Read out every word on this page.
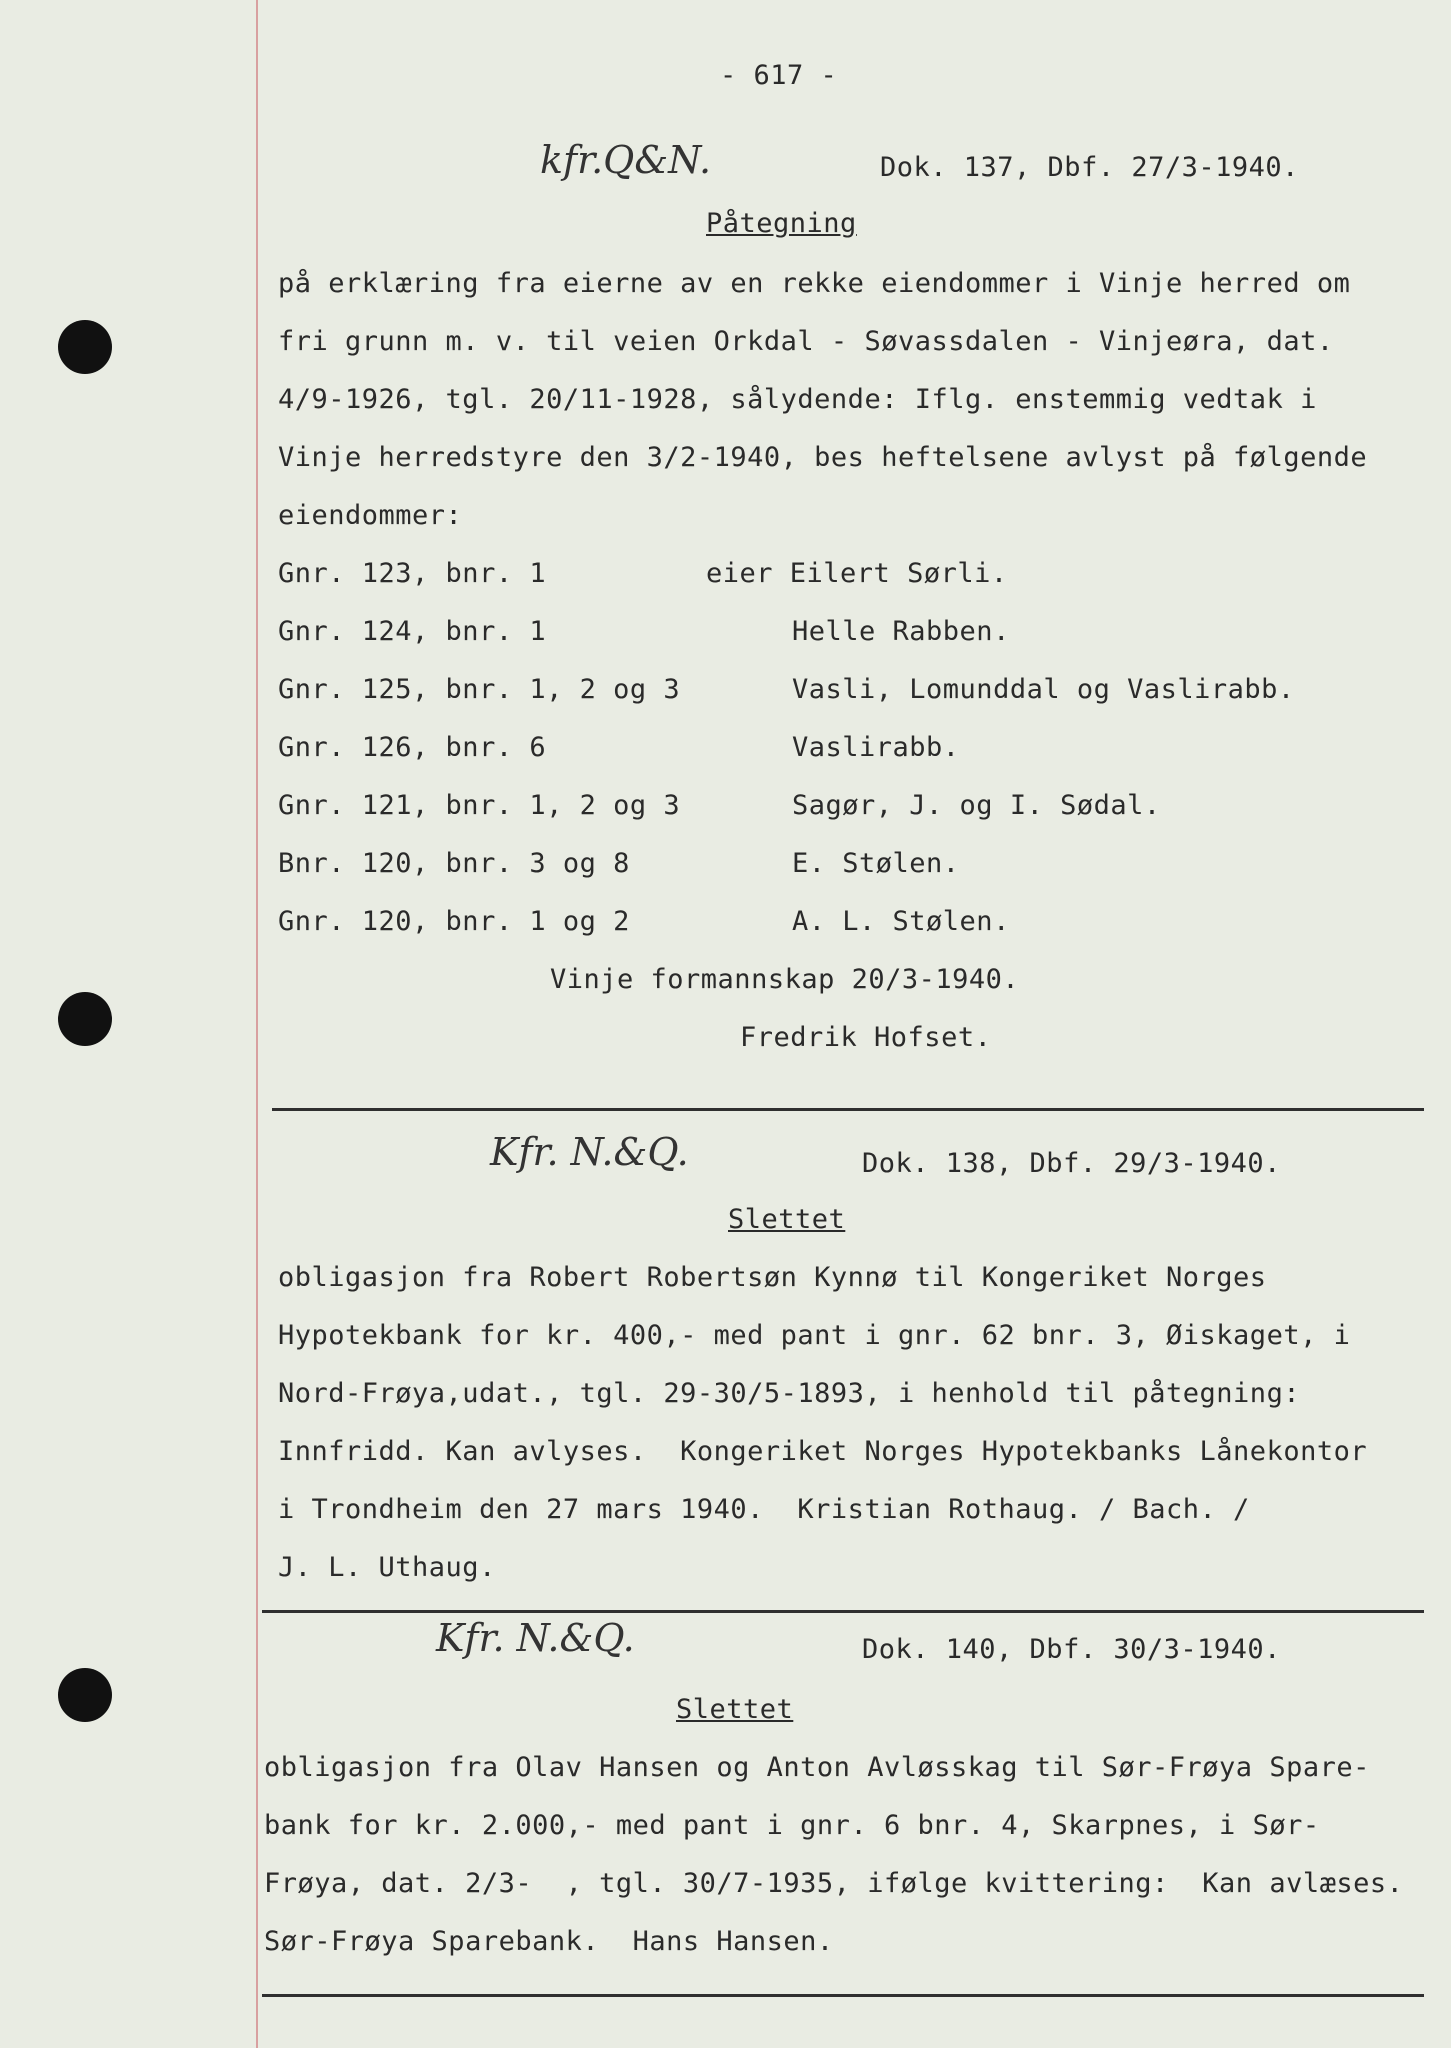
- 617 -
kfr.Q&N.	Dok. 137, Dbf. 27/3-1940.
Påtegning
på erklæring fra eierne av en rekke eiendommer i Vinje herred om
fri grunn m. v. til veien Orkdal - Søvassdalen - Vinjeøra, dat.
4/9-1926, tgl. 20/11-1928, sålydende: Iflg. enstemmig vedtak i
Vinje herredstyre den 3/2-1940, bes heftelsene avlyst på følgende
eiendommer:
Gnr. 123, bnr. 1	eier Eilert Sørli.
Gnr. 124, bnr. 1	Helle Rabben.
Gnr. 125, bnr. 1, 2 og 3	Vasli, Lomunddal og Vaslirabb.
Gnr. 126, bnr. 6	Vaslirabb.
Gnr. 121, bnr. 1, 2 og 3	Sagør, J. og I. Sødal.
Bnr. 120, bnr. 3 og 8	E. Stølen.
Gnr. 120, bnr. 1 og 2	A. L. Stølen.
Vinje formannskap 20/3-1940.
Fredrik Hofset.
Kfr. N.&Q.	Dok. 138, Dbf. 29/3-1940.
Slettet
obligasjon fra Robert Robertsøn Kynnø til Kongeriket Norges
Hypotekbank for kr. 400,- med pant i gnr. 62 bnr. 3, Øiskaget, i
Nord-Frøya,udat., tgl. 29-30/5-1893, i henhold til påtegning:
Innfridd. Kan avlyses.  Kongeriket Norges Hypotekbanks Lånekontor
i Trondheim den 27 mars 1940.  Kristian Rothaug. / Bach. /
J. L. Uthaug.
Kfr. N.&Q.	Dok. 140, Dbf. 30/3-1940.
Slettet
obligasjon fra Olav Hansen og Anton Avløsskag til Sør-Frøya Spare-
bank for kr. 2.000,- med pant i gnr. 6 bnr. 4, Skarpnes, i Sør-
Frøya, dat. 2/3-  , tgl. 30/7-1935, ifølge kvittering:  Kan avlæses.
Sør-Frøya Sparebank.  Hans Hansen.
